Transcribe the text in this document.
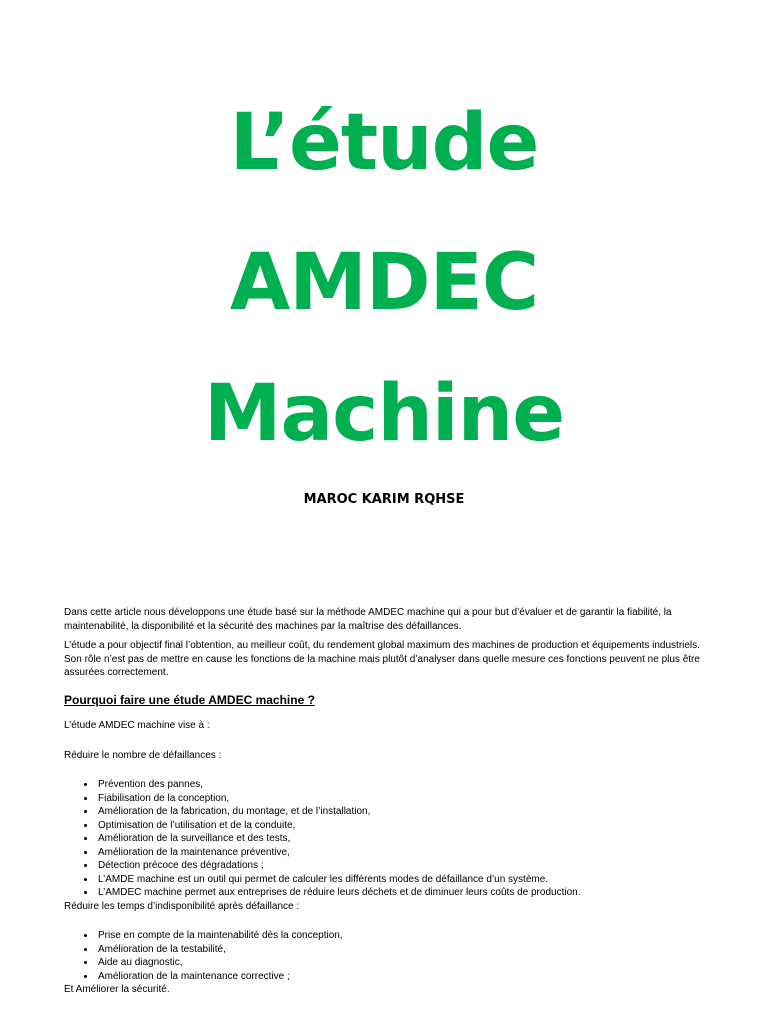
L’étude
AMDEC
Machine
MAROC KARIM RQHSE

Dans cette article nous développons une étude basé sur la méthode AMDEC machine qui a pour but d’évaluer et de garantir la fiabilité, la maintenabilité, la disponibilité et la sécurité des machines par la maîtrise des défaillances.

L’étude a pour objectif final l’obtention, au meilleur coût, du rendement global maximum des machines de production et équipements industriels. Son rôle n’est pas de mettre en cause les fonctions de la machine mais plutôt d’analyser dans quelle mesure ces fonctions peuvent ne plus être assurées correctement.

Pourquoi faire une étude AMDEC machine ?

L’étude AMDEC machine vise à :

Réduire le nombre de défaillances :

• Prévention des pannes,
• Fiabilisation de la conception,
• Amélioration de la fabrication, du montage, et de l’installation,
• Optimisation de l’utilisation et de la conduite,
• Amélioration de la surveillance et des tests,
• Amélioration de la maintenance préventive,
• Détection précoce des dégradations ;
• L’AMDE machine est un outil qui permet de calculer les différents modes de défaillance d’un système.
• L’AMDEC machine permet aux entreprises de réduire leurs déchets et de diminuer leurs coûts de production.

Réduire les temps d’indisponibilité après défaillance :

• Prise en compte de la maintenabilité dès la conception,
• Amélioration de la testabilité,
• Aide au diagnostic,
• Amélioration de la maintenance corrective ;

Et Améliorer la sécurité.
